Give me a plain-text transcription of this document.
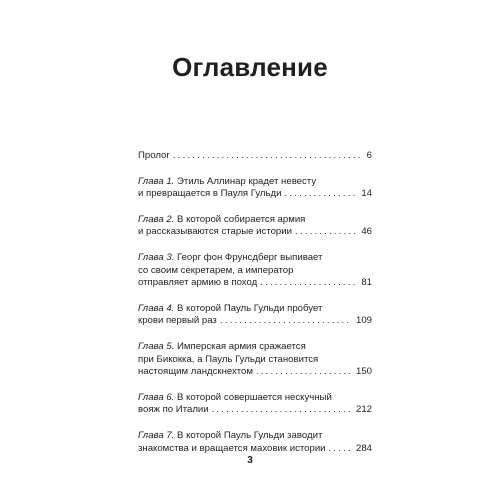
Оглавление
Пролог .....	6
Глава 1. Этиль Аллинар крадет невесту
и превращается в Пауля Гульди .....	14
Глава 2. В которой собирается армия
и рассказываются старые истории .....	46
Глава 3. Георг фон Фрунсдберг выпивает
со своим секретарем, а император
отправляет армию в поход .....	81
Глава 4. В которой Пауль Гульди пробует
крови первый раз .....	109
Глава 5. Имперская армия сражается
при Бикокка, а Пауль Гульди становится
настоящим ландскнехтом .....	150
Глава 6. В которой совершается нескучный
вояж по Италии .....	212
Глава 7. В которой Пауль Гульди заводит
знакомства и вращается маховик истории .....	284
3
